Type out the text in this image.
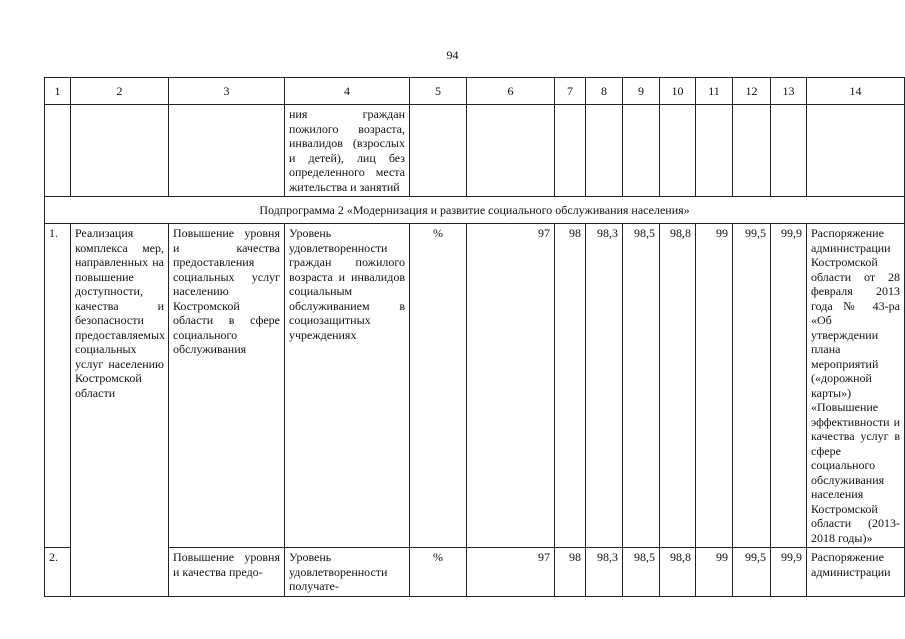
94
1	2	3	4	5	6	7	8	9	10	11	12	13	14
			ния граждан пожилого возраста, инвалидов (взрослых и детей), лиц без определенного места жительства и занятий										
Подпрограмма 2 «Модернизация и развитие социального обслуживания населения»													
1.	Реализация комплекса мер, направленных на повышение доступности, качества и безопасности предоставляемых социальных услуг населению Костромской области	Повышение уровня и качества предоставления социальных услуг населению Костромской области в сфере социального обслуживания	Уровень удовлетворенности граждан пожилого возраста и инвалидов социальным обслуживанием в социозащитных учреждениях	%	97	98	98,3	98,5	98,8	99	99,5	99,9	Распоряжение администрации Костромской области от 28 февраля 2013 года № 43-ра «Об утверждении плана мероприятий («дорожной карты») «Повышение эффективности и качества услуг в сфере социального обслуживания населения Костромской области (2013-2018 годы)»
2.		Повышение уровня и качества предо-	Уровень удовлетворенности получате-	%	97	98	98,3	98,5	98,8	99	99,5	99,9	Распоряжение администрации
